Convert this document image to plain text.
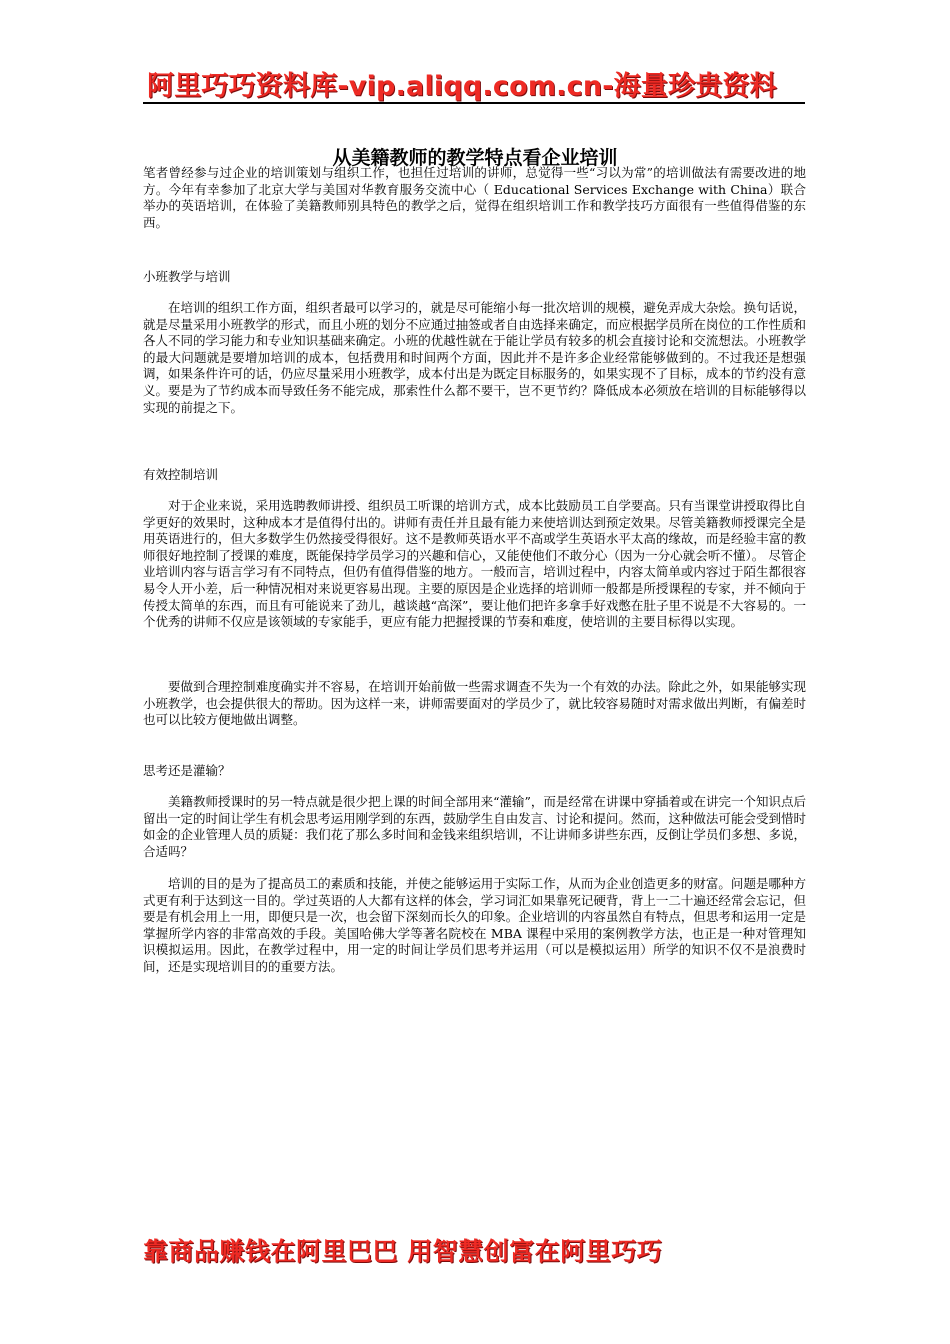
阿里巧巧资料库-vip.aliqq.com.cn-海量珍贵资料
从美籍教师的教学特点看企业培训

笔者曾经参与过企业的培训策划与组织工作，也担任过培训的讲师，总觉得一些“习以为常”的培训做法有需要改进的地方。今年有幸参加了北京大学与美国对华教育服务交流中心（ Educational Services Exchange with China）联合举办的英语培训，在体验了美籍教师别具特色的教学之后，觉得在组织培训工作和教学技巧方面很有一些值得借鉴的东西。

小班教学与培训

在培训的组织工作方面，组织者最可以学习的，就是尽可能缩小每一批次培训的规模，避免弄成大杂烩。换句话说，就是尽量采用小班教学的形式，而且小班的划分不应通过抽签或者自由选择来确定，而应根据学员所在岗位的工作性质和各人不同的学习能力和专业知识基础来确定。小班的优越性就在于能让学员有较多的机会直接讨论和交流想法。小班教学的最大问题就是要增加培训的成本，包括费用和时间两个方面，因此并不是许多企业经常能够做到的。不过我还是想强调，如果条件许可的话，仍应尽量采用小班教学，成本付出是为既定目标服务的，如果实现不了目标，成本的节约没有意义。要是为了节约成本而导致任务不能完成，那索性什么都不要干，岂不更节约？降低成本必须放在培训的目标能够得以实现的前提之下。

有效控制培训

对于企业来说，采用选聘教师讲授、组织员工听课的培训方式，成本比鼓励员工自学要高。只有当课堂讲授取得比自学更好的效果时，这种成本才是值得付出的。讲师有责任并且最有能力来使培训达到预定效果。尽管美籍教师授课完全是用英语进行的，但大多数学生仍然接受得很好。这不是教师英语水平不高或学生英语水平太高的缘故，而是经验丰富的教师很好地控制了授课的难度，既能保持学员学习的兴趣和信心，又能使他们不敢分心（因为一分心就会听不懂）。 尽管企业培训内容与语言学习有不同特点，但仍有值得借鉴的地方。一般而言，培训过程中，内容太简单或内容过于陌生都很容易令人开小差，后一种情况相对来说更容易出现。主要的原因是企业选择的培训师一般都是所授课程的专家，并不倾向于传授太简单的东西，而且有可能说来了劲儿，越谈越“高深”，要让他们把许多拿手好戏憋在肚子里不说是不大容易的。一个优秀的讲师不仅应是该领域的专家能手，更应有能力把握授课的节奏和难度，使培训的主要目标得以实现。

要做到合理控制难度确实并不容易，在培训开始前做一些需求调查不失为一个有效的办法。除此之外，如果能够实现小班教学，也会提供很大的帮助。因为这样一来，讲师需要面对的学员少了，就比较容易随时对需求做出判断，有偏差时也可以比较方便地做出调整。

思考还是灌输？

美籍教师授课时的另一特点就是很少把上课的时间全部用来“灌输”，而是经常在讲课中穿插着或在讲完一个知识点后留出一定的时间让学生有机会思考运用刚学到的东西，鼓励学生自由发言、讨论和提问。然而，这种做法可能会受到惜时如金的企业管理人员的质疑：我们花了那么多时间和金钱来组织培训，不让讲师多讲些东西，反倒让学员们多想、多说，合适吗？

培训的目的是为了提高员工的素质和技能，并使之能够运用于实际工作，从而为企业创造更多的财富。问题是哪种方式更有利于达到这一目的。学过英语的人大都有这样的体会，学习词汇如果靠死记硬背，背上一二十遍还经常会忘记，但要是有机会用上一用，即便只是一次，也会留下深刻而长久的印象。企业培训的内容虽然自有特点，但思考和运用一定是掌握所学内容的非常高效的手段。美国哈佛大学等著名院校在 MBA 课程中采用的案例教学方法，也正是一种对管理知识模拟运用。因此，在教学过程中，用一定的时间让学员们思考并运用（可以是模拟运用）所学的知识不仅不是浪费时间，还是实现培训目的的重要方法。

靠商品赚钱在阿里巴巴 用智慧创富在阿里巧巧
